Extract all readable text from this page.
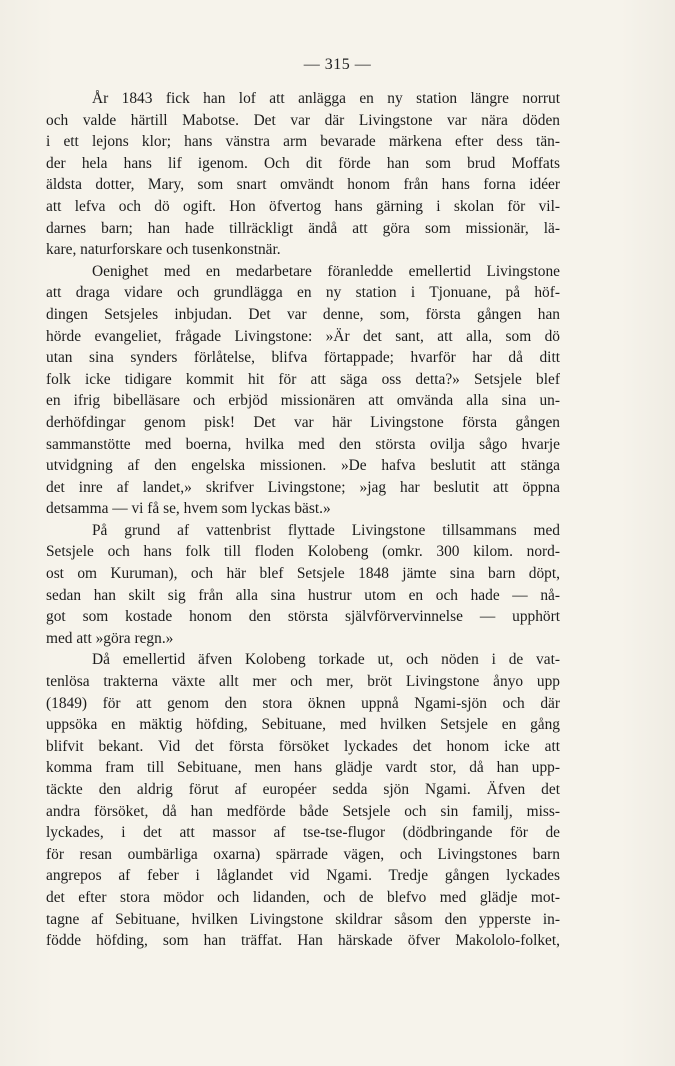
— 315 —
År 1843 fick han lof att anlägga en ny station längre norrut
och valde härtill Mabotse. Det var där Livingstone var nära döden
i ett lejons klor; hans vänstra arm bevarade märkena efter dess tän-
der hela hans lif igenom. Och dit förde han som brud Moffats
äldsta dotter, Mary, som snart omvändt honom från hans forna idéer
att lefva och dö ogift. Hon öfvertog hans gärning i skolan för vil-
darnes barn; han hade tillräckligt ändå att göra som missionär, lä-
kare, naturforskare och tusenkonstnär.
Oenighet med en medarbetare föranledde emellertid Livingstone
att draga vidare och grundlägga en ny station i Tjonuane, på höf-
dingen Setsjeles inbjudan. Det var denne, som, första gången han
hörde evangeliet, frågade Livingstone: »Är det sant, att alla, som dö
utan sina synders förlåtelse, blifva förtappade; hvarför har då ditt
folk icke tidigare kommit hit för att säga oss detta?» Setsjele blef
en ifrig bibelläsare och erbjöd missionären att omvända alla sina un-
derhöfdingar genom pisk! Det var här Livingstone första gången
sammanstötte med boerna, hvilka med den största ovilja sågo hvarje
utvidgning af den engelska missionen. »De hafva beslutit att stänga
det inre af landet,» skrifver Livingstone; »jag har beslutit att öppna
detsamma — vi få se, hvem som lyckas bäst.»
På grund af vattenbrist flyttade Livingstone tillsammans med
Setsjele och hans folk till floden Kolobeng (omkr. 300 kilom. nord-
ost om Kuruman), och här blef Setsjele 1848 jämte sina barn döpt,
sedan han skilt sig från alla sina hustrur utom en och hade — nå-
got som kostade honom den största självförvervinnelse — upphört
med att »göra regn.»
Då emellertid äfven Kolobeng torkade ut, och nöden i de vat-
tenlösa trakterna växte allt mer och mer, bröt Livingstone ånyo upp
(1849) för att genom den stora öknen uppnå Ngami-sjön och där
uppsöka en mäktig höfding, Sebituane, med hvilken Setsjele en gång
blifvit bekant. Vid det första försöket lyckades det honom icke att
komma fram till Sebituane, men hans glädje vardt stor, då han upp-
täckte den aldrig förut af européer sedda sjön Ngami. Äfven det
andra försöket, då han medförde både Setsjele och sin familj, miss-
lyckades, i det att massor af tse-tse-flugor (dödbringande för de
för resan oumbärliga oxarna) spärrade vägen, och Livingstones barn
angrepos af feber i låglandet vid Ngami. Tredje gången lyckades
det efter stora mödor och lidanden, och de blefvo med glädje mot-
tagne af Sebituane, hvilken Livingstone skildrar såsom den ypperste in-
födde höfding, som han träffat. Han härskade öfver Makololo-folket,
